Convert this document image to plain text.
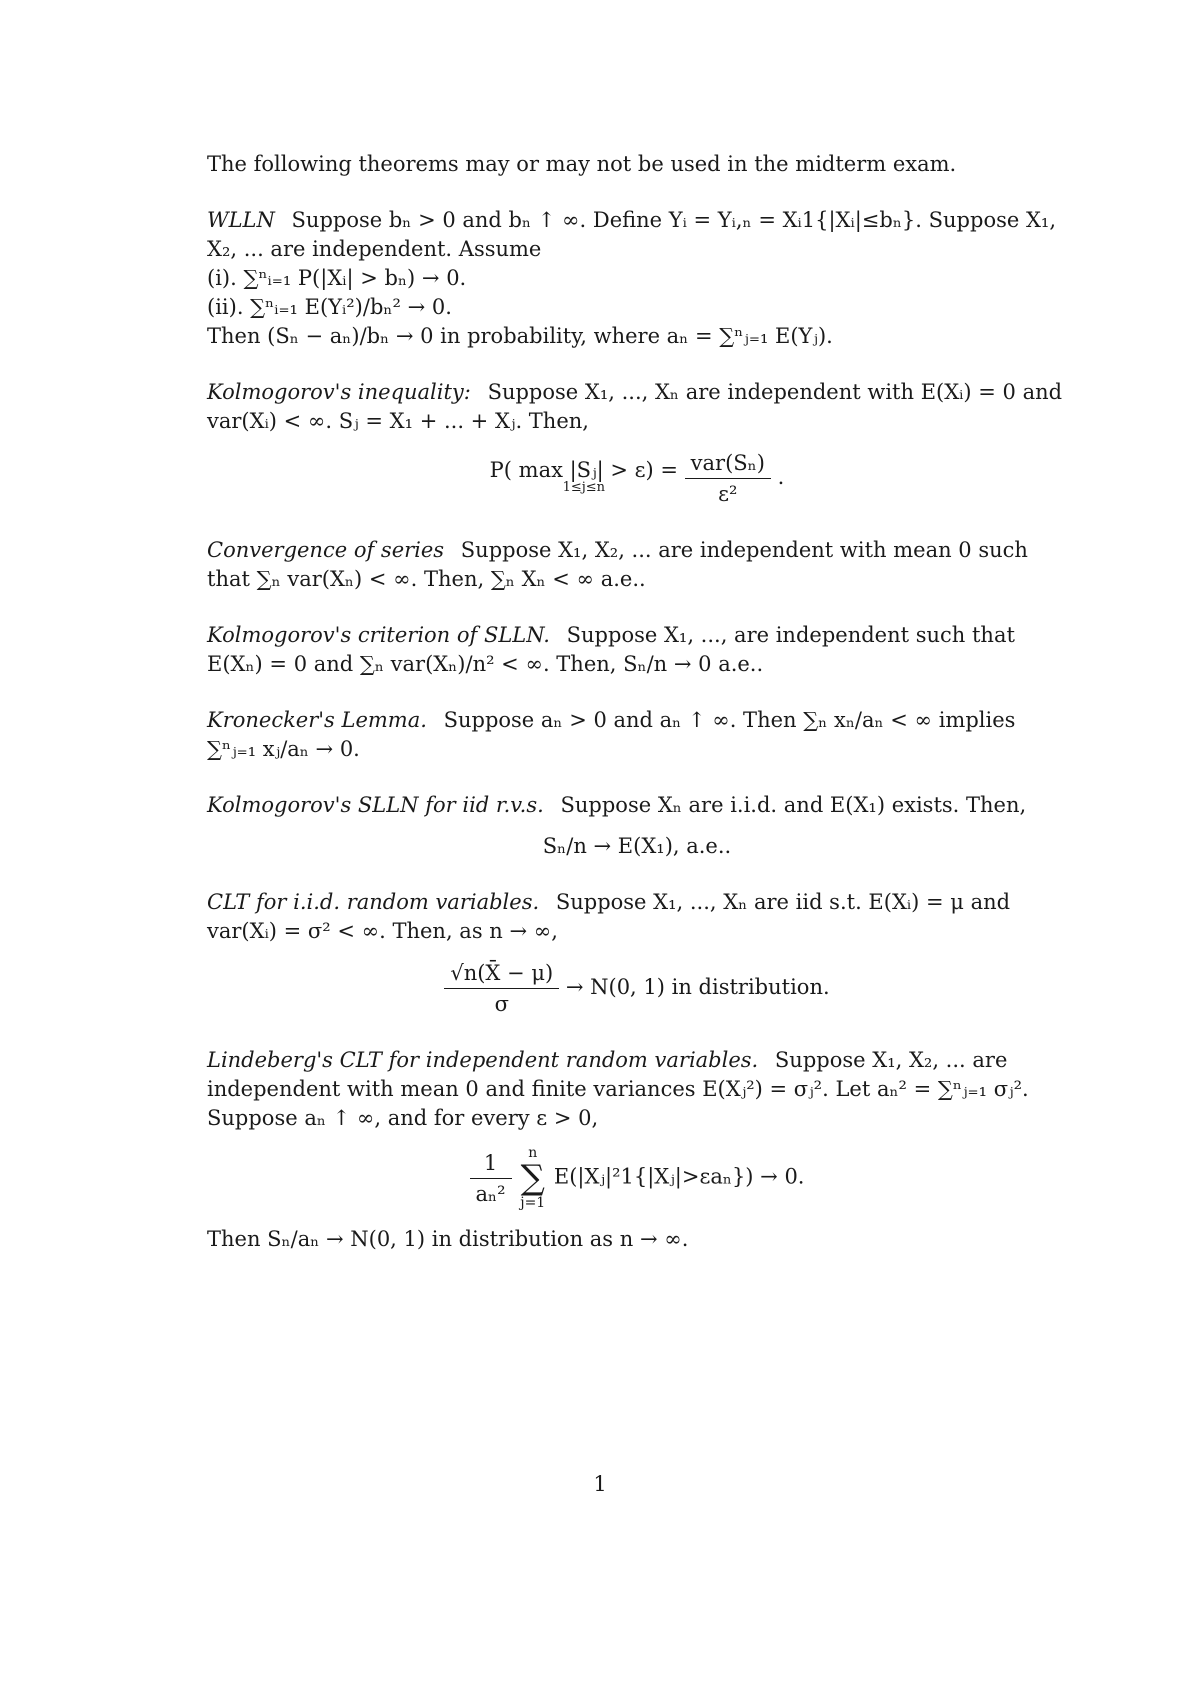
The following theorems may or may not be used in the midterm exam.

WLLN Suppose bₙ > 0 and bₙ ↑ ∞. Define Yᵢ = Yᵢ,ₙ = Xᵢ1{|Xᵢ|≤bₙ}. Suppose X₁, X₂, ... are independent. Assume

(i). ∑ⁿᵢ₌₁ P(|Xᵢ| > bₙ) → 0.

(ii). ∑ⁿᵢ₌₁ E(Yᵢ²)/bₙ² → 0.

Then (Sₙ − aₙ)/bₙ → 0 in probability, where aₙ = ∑ⁿⱼ₌₁ E(Yⱼ).

Kolmogorov's inequality: Suppose X₁, ..., Xₙ are independent with E(Xᵢ) = 0 and var(Xᵢ) < ∞. Sⱼ = X₁ + ... + Xⱼ. Then,

P( max |Sⱼ| > ε) =
1≤j≤n
	$\frac{\text{var(Sₙ)}}{\text{ε²}}$ .

Convergence of series Suppose X₁, X₂, ... are independent with mean 0 such that ∑ₙ var(Xₙ) < ∞. Then, ∑ₙ Xₙ < ∞ a.e..

Kolmogorov's criterion of SLLN. Suppose X₁, ..., are independent such that E(Xₙ) = 0 and ∑ₙ var(Xₙ)/n² < ∞. Then, Sₙ/n → 0 a.e..

Kronecker's Lemma. Suppose aₙ > 0 and aₙ ↑ ∞. Then ∑ₙ xₙ/aₙ < ∞ implies ∑ⁿⱼ₌₁ xⱼ/aₙ → 0.

Kolmogorov's SLLN for iid r.v.s. Suppose Xₙ are i.i.d. and E(X₁) exists. Then,

Sₙ/n → E(X₁), a.e..

CLT for i.i.d. random variables. Suppose X₁, ..., Xₙ are iid s.t. E(Xᵢ) = μ and var(Xᵢ) = σ² < ∞. Then, as n → ∞,

$\frac{√n(X̄ - \mu)}{\sigma} \to N(0$, 1) in distribution.

Lindeberg's CLT for independent random variables. Suppose X₁, X₂, ... are independent with mean 0 and finite variances E(Xⱼ²) = σⱼ². Let aₙ² = ∑ⁿⱼ₌₁ σⱼ². Suppose aₙ ↑ ∞, and for every ε > 0,

$\frac{1}{\text{aₙ²}}$ n
∑
j=1 E(|Xⱼ|²1{|Xⱼ|>εaₙ}) → 0.

Then Sₙ/aₙ → N(0, 1) in distribution as n → ∞.

1
